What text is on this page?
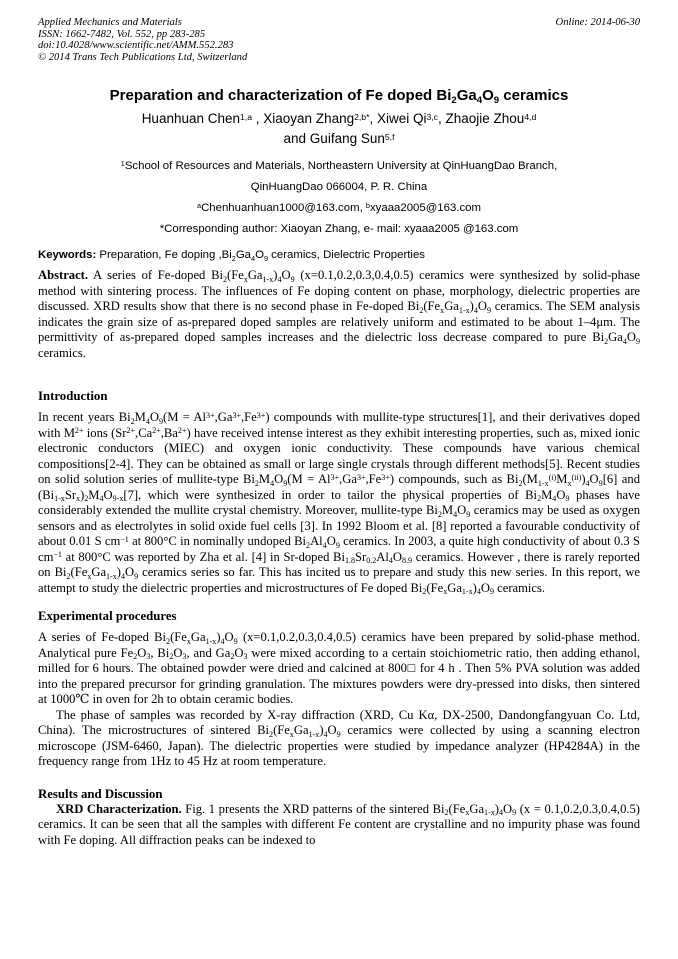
Applied Mechanics and Materials
ISSN: 1662-7482, Vol. 552, pp 283-285
doi:10.4028/www.scientific.net/AMM.552.283
© 2014 Trans Tech Publications Ltd, Switzerland
Online: 2014-06-30
Preparation and characterization of Fe doped $Bi_2Ga_4O_9$ ceramics
Huanhuan Chen$^{1,a}$ , Xiaoyan Zhang$^{2,b*}$, Xiwei Qi$^{3,c}$, Zhaojie Zhou$^{4,d}$
and Guifang Sun$^{5,f}$
$^1$School of Resources and Materials, Northeastern University at QinHuangDao Branch,
QinHuangDao 066004, P. R. China
$^a$Chenhuanhuan1000@163.com, $^b$xyaaa2005@163.com
*Corresponding author: Xiaoyan Zhang, e- mail: xyaaa2005 @163.com

Keywords: Preparation, Fe doping $,Bi_2Ga_4O_9$ ceramics, Dielectric Properties

Abstract. A series of Fe-doped $Bi_2(Fe_xGa_{1-x})_4O_9$ (x=0.1,0.2,0.3,0.4,0.5) ceramics were synthesized by solid-phase method with sintering process. The influences of Fe doping content on phase, morphology, dielectric properties are discussed. XRD results show that there is no second phase in Fe-doped $Bi_2(Fe_xGa_{1-x})_4O_9$ ceramics. The SEM analysis indicates the grain size of as-prepared doped samples are relatively uniform and estimated to be about 1–4μm. The permittivity of as-prepared doped samples increases and the dielectric loss decrease compared to pure $Bi_2Ga_4O_9$ ceramics.

Introduction

In recent years $Bi_2M_4O_9(M = Al^{3+},Ga^{3+},Fe^{3+})$ compounds with mullite-type structures[1], and their derivatives doped with $M^{2+}$ ions $(Sr^{2+},Ca^{2+},Ba^{2+})$ have received intense interest as they exhibit interesting properties, such as, mixed ionic electronic conductors (MIEC) and oxygen ionic conductivity. These compounds have various chemical compositions[2-4]. They can be obtained as small or large single crystals through different methods[5]. Recent studies on solid solution series of mullite-type $Bi_2M_4O_9(M = Al^{3+},Ga^{3+},Fe^{3+})$ compounds, such as $Bi_2(M_{1-x}^{(i)}M_x^{(ii)})_4O_9[6]$ and $(Bi_{1-x}Sr_x)_2M_4O_{9-x}[7]$, which were synthesized in order to tailor the physical properties of $Bi_2M_4O_9$ phases have considerably extended the mullite crystal chemistry. Moreover, mullite-type $Bi_2M_4O_9$ ceramics may be used as oxygen sensors and as electrolytes in solid oxide fuel cells [3]. In 1992 Bloom et al. [8] reported a favourable conductivity of about 0.01 S $cm^{-1}$ at 800°C in nominally undoped $Bi_2Al_4O_9$ ceramics. In 2003, a quite high conductivity of about 0.3 S $cm^{-1}$ at 800°C was reported by Zha et al. [4] in Sr-doped $Bi_{1.8}Sr_{0.2}Al_4O_{8.9}$ ceramics. However , there is rarely reported on $Bi_2(Fe_xGa_{1-x})_4O_9$ ceramics series so far. This has incited us to prepare and study this new series. In this report, we attempt to study the dielectric properties and microstructures of Fe doped $Bi_2(Fe_xGa_{1-x})_4O_9$ ceramics.

Experimental procedures

A series of Fe-doped $Bi_2(Fe_xGa_{1-x})_4O_9$ (x=0.1,0.2,0.3,0.4,0.5) ceramics have been prepared by solid-phase method. Analytical pure $Fe_2O_3$, $Bi_2O_3$, and $Ga_2O_3$ were mixed according to a certain stoichiometric ratio, then adding ethanol, milled for 6 hours. The obtained powder were dried and calcined at 800□ for 4 h . Then 5% PVA solution was added into the prepared precursor for grinding granulation. The mixtures powders were dry-pressed into disks, then sintered at 1000℃ in oven for 2h to obtain ceramic bodies.

The phase of samples was recorded by X-ray diffraction (XRD, Cu Kα, DX-2500, Dandongfangyuan Co. Ltd, China). The microstructures of sintered $Bi_2(Fe_xGa_{1-x})_4O_9$ ceramics were collected by using a scanning electron microscope (JSM-6460, Japan). The dielectric properties were studied by impedance analyzer (HP4284A) in the frequency range from 1Hz to 45 Hz at room temperature.

Results and Discussion

XRD Characterization. Fig. 1 presents the XRD patterns of the sintered $Bi_2(Fe_xGa_{1-x})_4O_9$ (x = 0.1,0.2,0.3,0.4,0.5) ceramics. It can be seen that all the samples with different Fe content are crystalline and no impurity phase was found with Fe doping. All diffraction peaks can be indexed to
